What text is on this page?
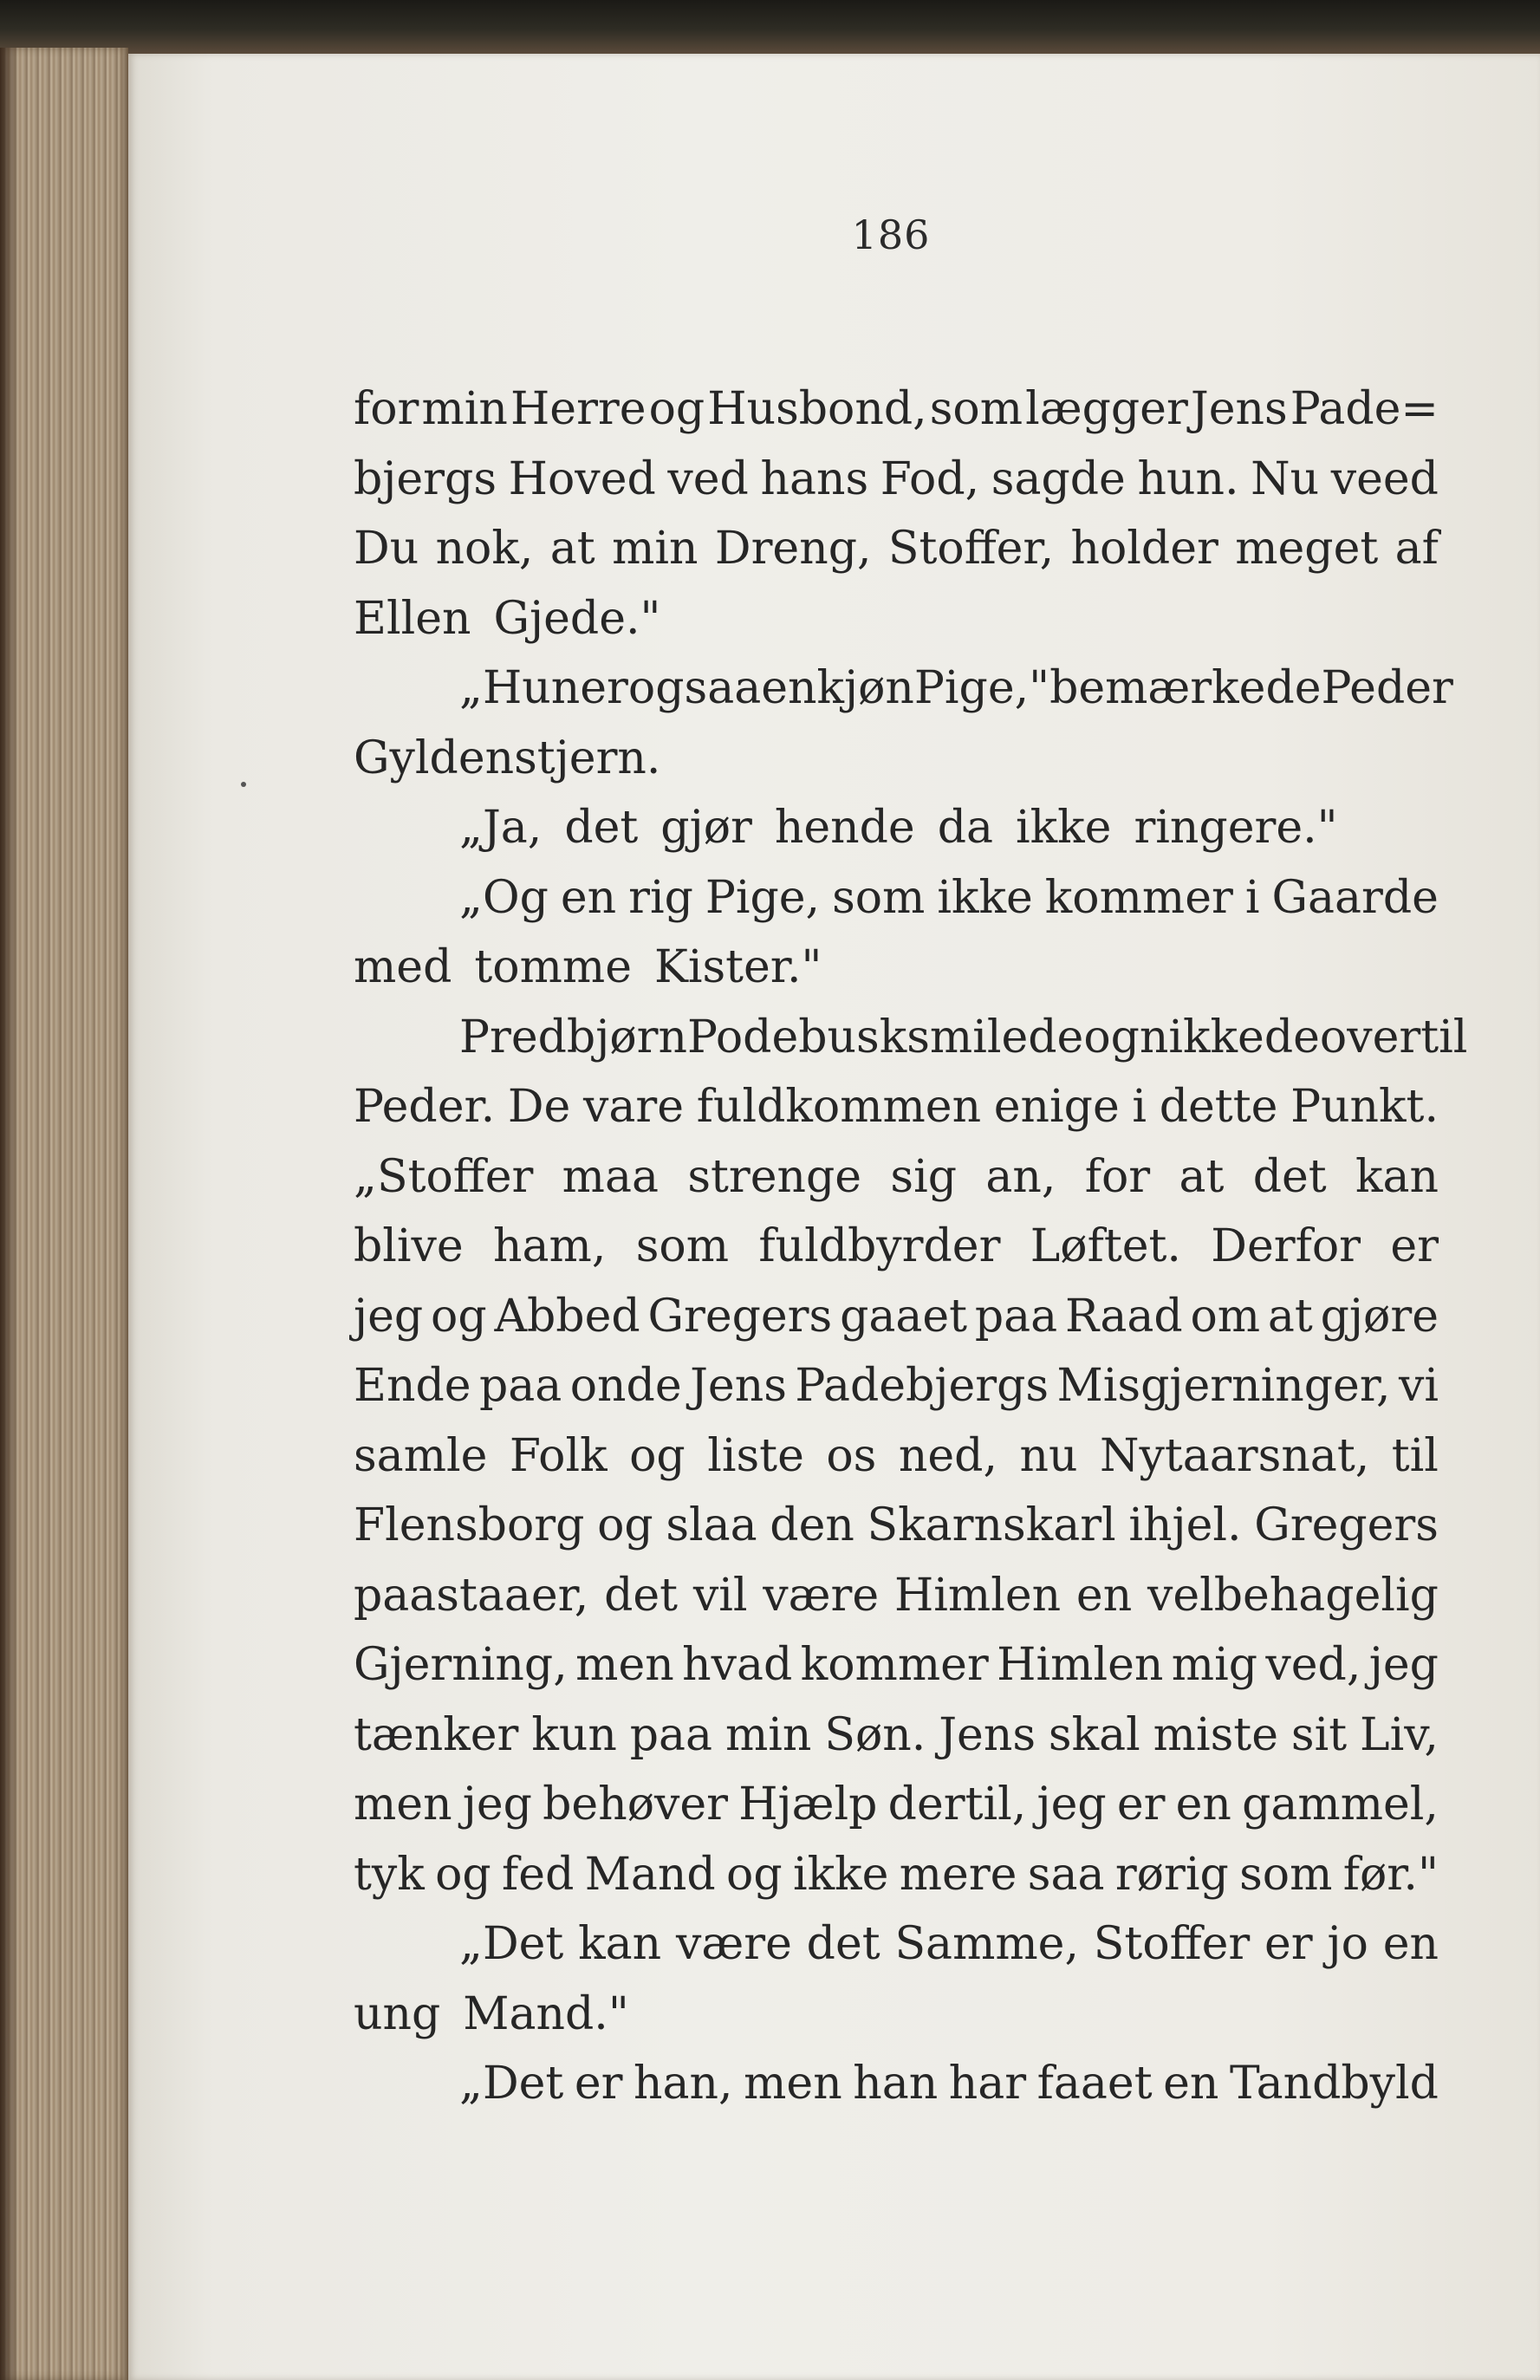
186
for min Herre og Husbond, som lægger Jens Pade=
bjergs Hoved ved hans Fod, sagde hun. Nu veed
Du nok, at min Dreng, Stoffer, holder meget af
Ellen Gjede."
„Hun er ogsaa en kjøn Pige," bemærkede Peder
Gyldenstjern.
„Ja, det gjør hende da ikke ringere."
„Og en rig Pige, som ikke kommer i Gaarde
med tomme Kister."
Predbjørn Podebusk smilede og nikkede over til
Peder. De vare fuldkommen enige i dette Punkt.
„Stoffer maa strenge sig an, for at det kan
blive ham, som fuldbyrder Løftet. Derfor er
jeg og Abbed Gregers gaaet paa Raad om at gjøre
Ende paa onde Jens Padebjergs Misgjerninger, vi
samle Folk og liste os ned, nu Nytaarsnat, til
Flensborg og slaa den Skarnskarl ihjel. Gregers
paastaaer, det vil være Himlen en velbehagelig
Gjerning, men hvad kommer Himlen mig ved, jeg
tænker kun paa min Søn. Jens skal miste sit Liv,
men jeg behøver Hjælp dertil, jeg er en gammel,
tyk og fed Mand og ikke mere saa rørig som før."
„Det kan være det Samme, Stoffer er jo en
ung Mand."
„Det er han, men han har faaet en Tandbyld
